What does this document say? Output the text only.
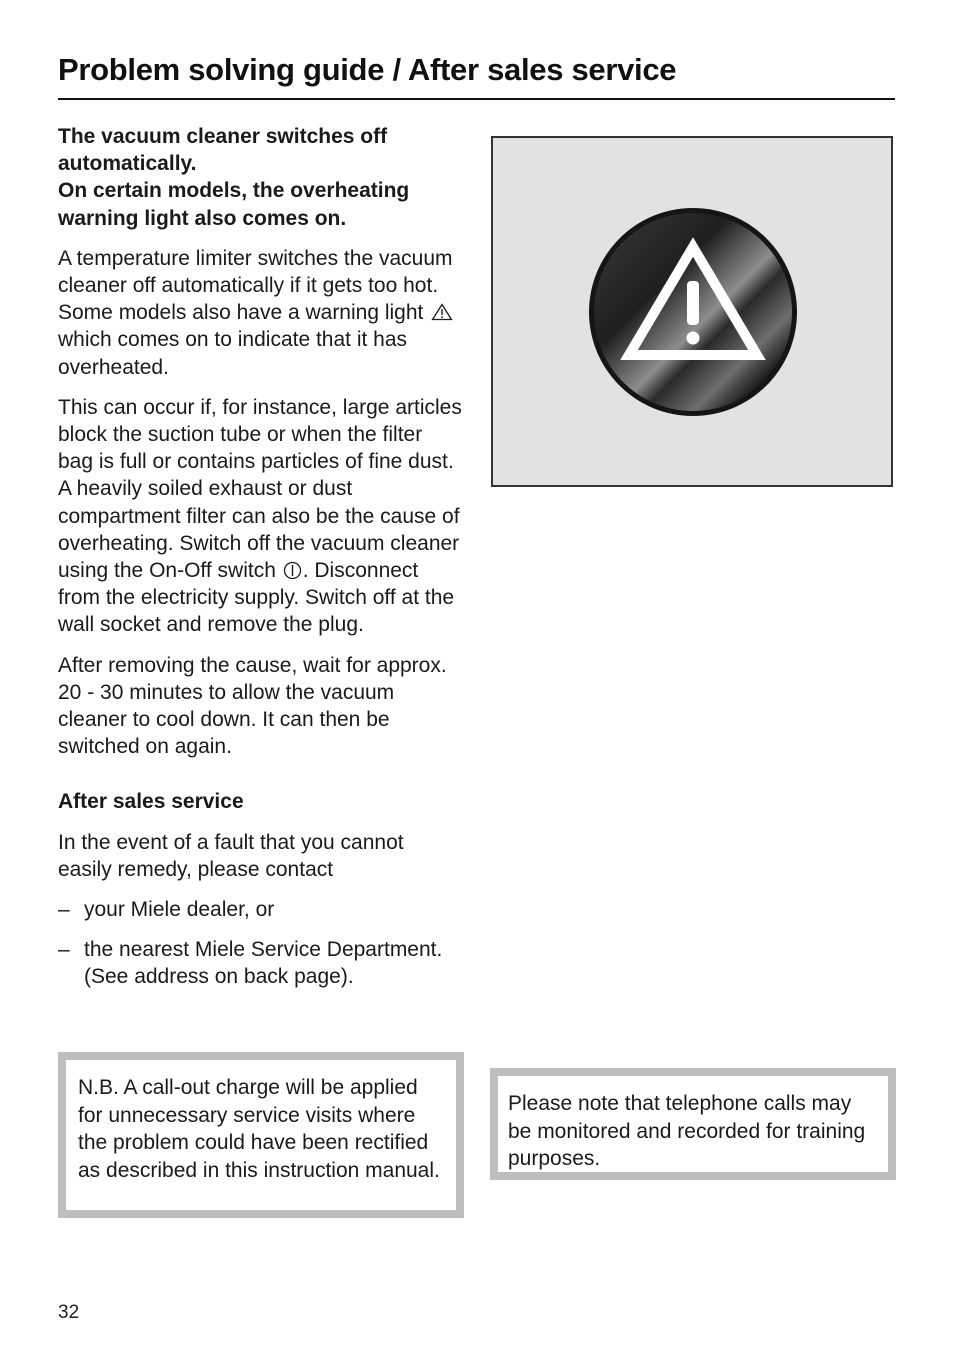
Problem solving guide / After sales service
The vacuum cleaner switches off
automatically.
On certain models, the overheating
warning light also comes on.

A temperature limiter switches the vacuum cleaner off automatically if it gets too hot. Some models also have a warning light  which comes on to indicate that it has overheated.

This can occur if, for instance, large articles block the suction tube or when the filter bag is full or contains particles of fine dust. A heavily soiled exhaust or dust compartment filter can also be the cause of overheating. Switch off the vacuum cleaner using the On-Off switch . Disconnect from the electricity supply. Switch off at the wall socket and remove the plug.

After removing the cause, wait for approx. 20 - 30 minutes to allow the vacuum cleaner to cool down. It can then be switched on again.

After sales service

In the event of a fault that you cannot easily remedy, please contact

– your Miele dealer, or
– the nearest Miele Service Department. (See address on back page).
N.B. A call-out charge will be applied for unnecessary service visits where the problem could have been rectified as described in this instruction manual.
Please note that telephone calls may be monitored and recorded for training purposes.
32
